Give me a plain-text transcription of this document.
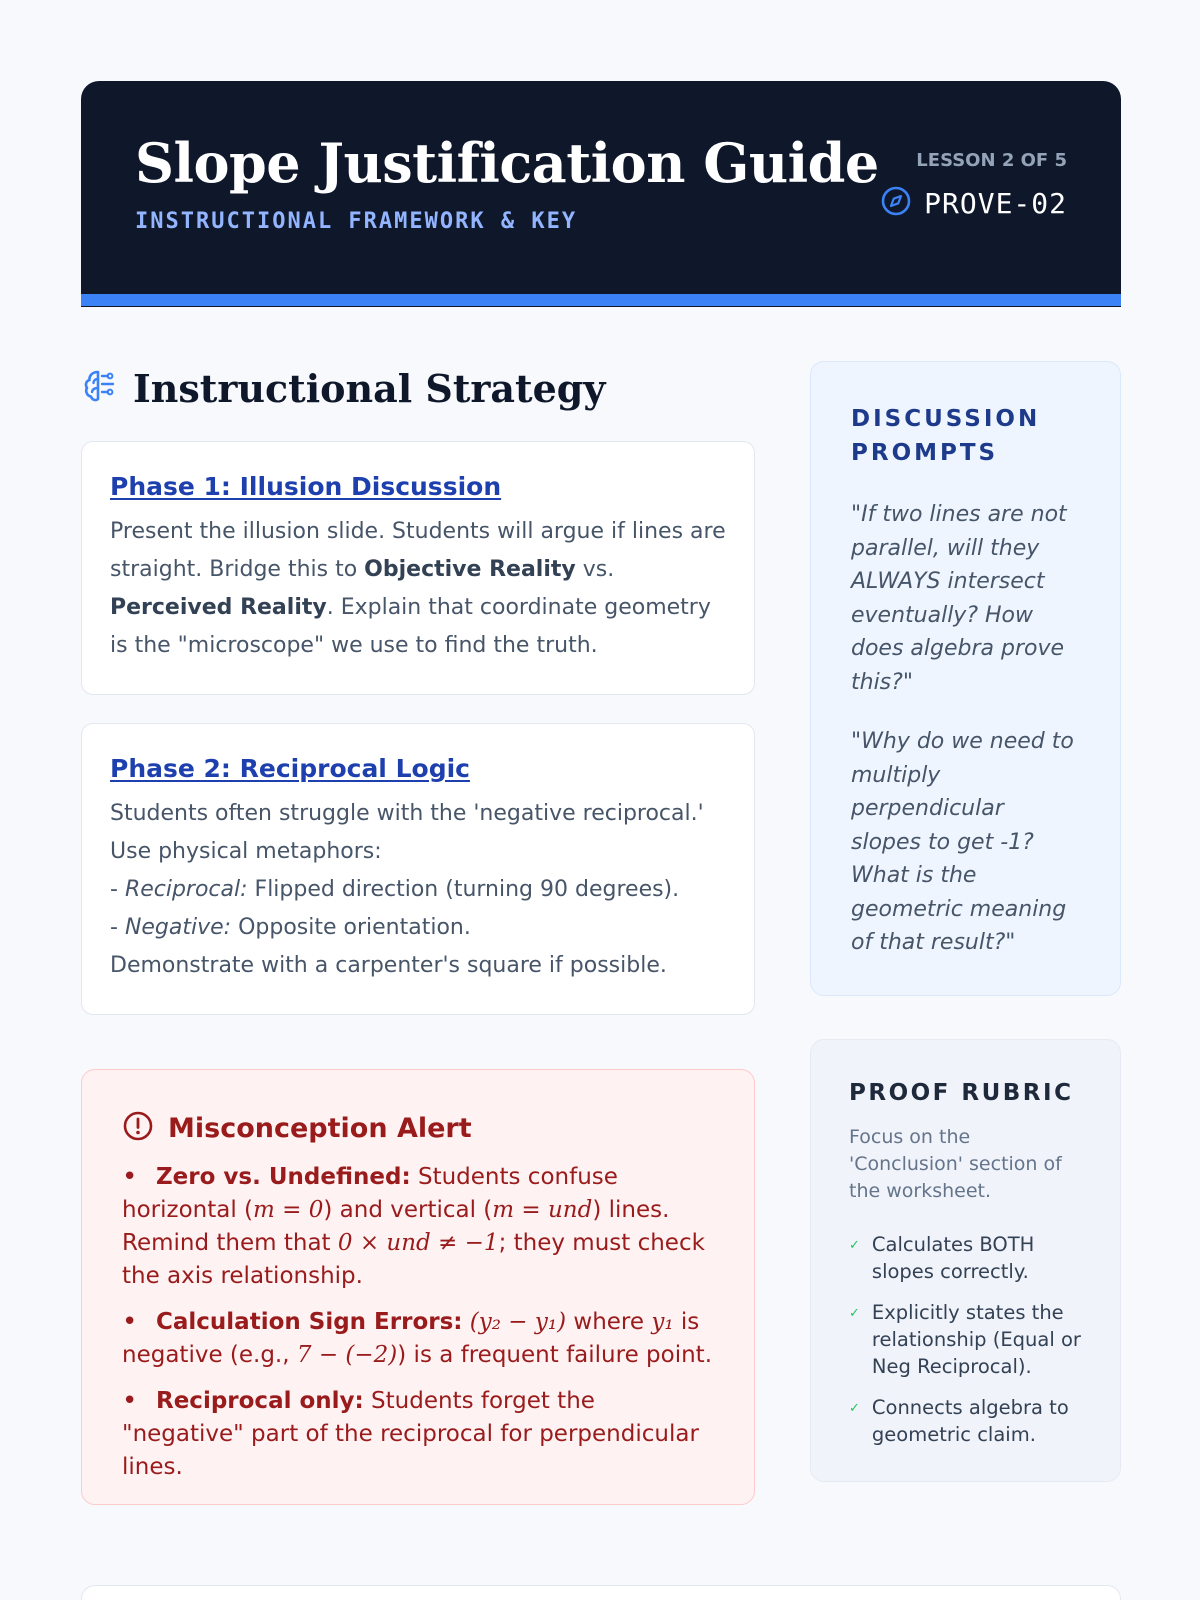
Slope Justification Guide
INSTRUCTIONAL FRAMEWORK & KEY
LESSON 2 OF 5
PROVE-02
Instructional Strategy
Phase 1: Illusion Discussion

Present the illusion slide. Students will argue if lines are straight. Bridge this to Objective Reality vs. Perceived Reality. Explain that coordinate geometry is the "microscope" we use to find the truth.

Phase 2: Reciprocal Logic
Students often struggle with the 'negative reciprocal.' Use physical metaphors:
- Reciprocal: Flipped direction (turning 90 degrees).
- Negative: Opposite orientation.
Demonstrate with a carpenter's square if possible.
Misconception Alert
• Zero vs. Undefined: Students confuse horizontal (m = 0) and vertical (m = und) lines. Remind them that 0 × und ≠ −1; they must check the axis relationship.
• Calculation Sign Errors: (y₂ − y₁) where y₁ is negative (e.g., 7 − (−2)) is a frequent failure point.
• Reciprocal only: Students forget the "negative" part of the reciprocal for perpendicular lines.
DISCUSSION PROMPTS

"If two lines are not parallel, will they ALWAYS intersect eventually? How does algebra prove this?"

"Why do we need to multiply perpendicular slopes to get -1? What is the geometric meaning of that result?"

PROOF RUBRIC
Focus on the 'Conclusion' section of the worksheet.
✓ Calculates BOTH slopes correctly.
✓ Explicitly states the relationship (Equal or Neg Reciprocal).
✓ Connects algebra to geometric claim.
